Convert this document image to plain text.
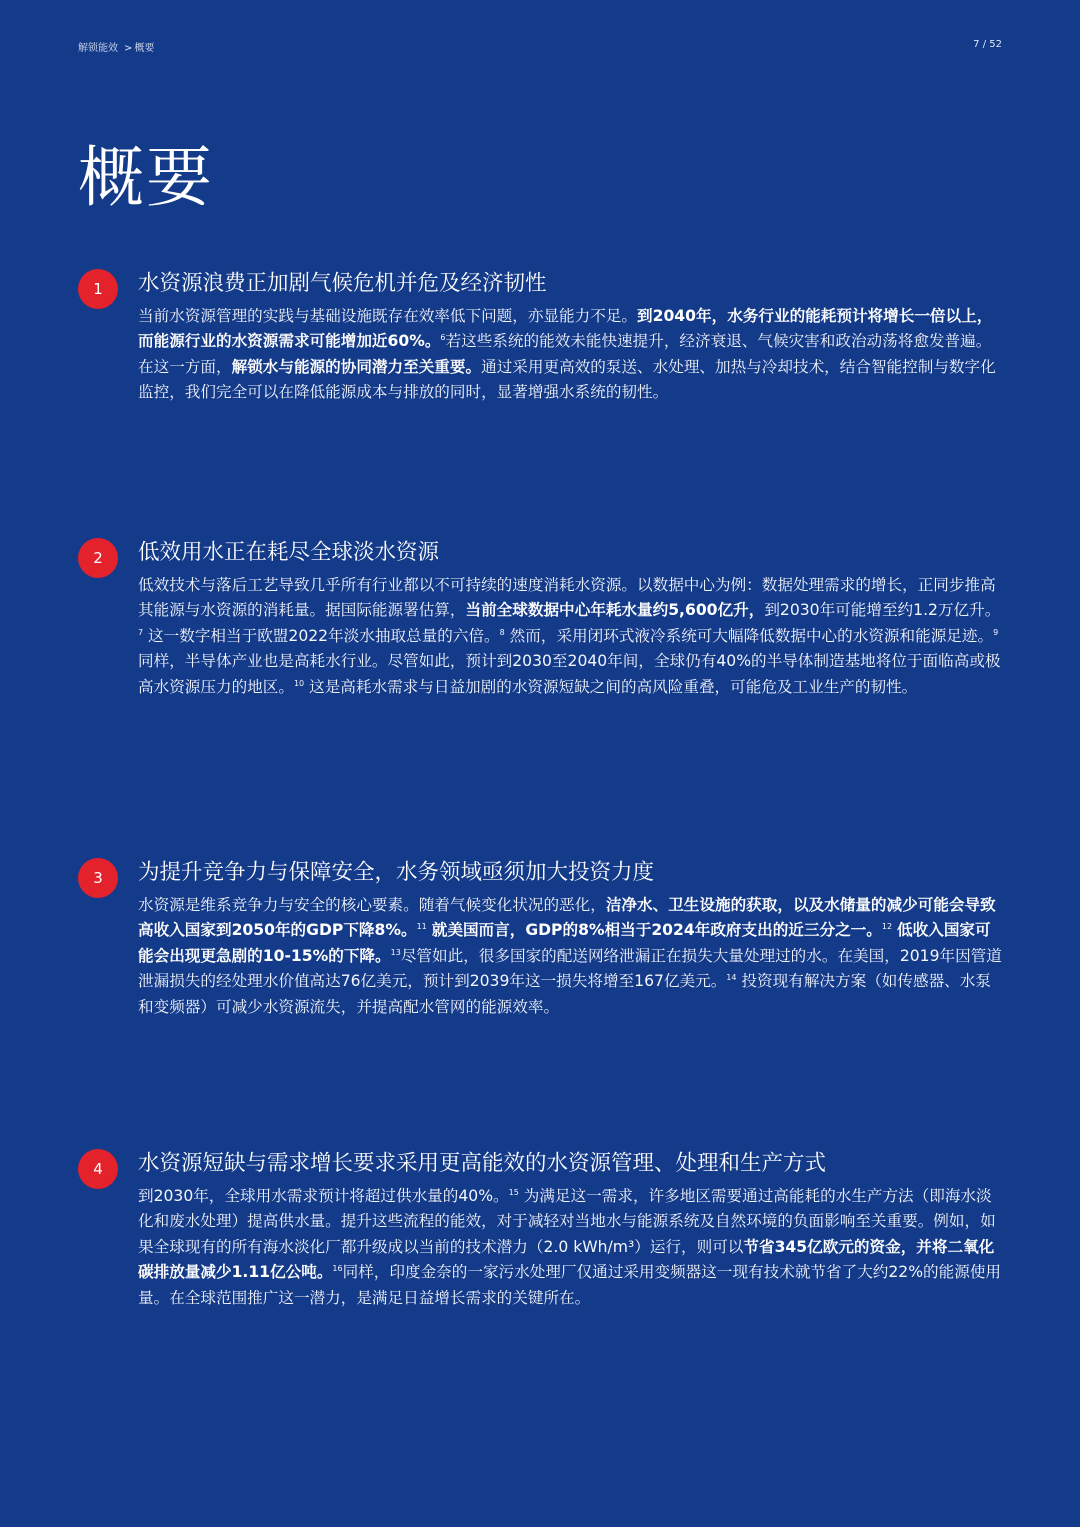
解锁能效 > 概要	7 / 52
概要
1	水资源浪费正加剧气候危机并危及经济韧性

当前水资源管理的实践与基础设施既存在效率低下问题，亦显能力不足。到2040年，水务行业的能耗预计将增长一倍以上，而能源行业的水资源需求可能增加近60%。$^6$若这些系统的能效未能快速提升，经济衰退、气候灾害和政治动荡将愈发普遍。在这一方面，解锁水与能源的协同潜力至关重要。通过采用更高效的泵送、水处理、加热与冷却技术，结合智能控制与数字化监控，我们完全可以在降低能源成本与排放的同时，显著增强水系统的韧性。

2	低效用水正在耗尽全球淡水资源

低效技术与落后工艺导致几乎所有行业都以不可持续的速度消耗水资源。以数据中心为例：数据处理需求的增长，正同步推高其能源与水资源的消耗量。据国际能源署估算，当前全球数据中心年耗水量约5,600亿升，到2030年可能增至约1.2万亿升。$^7$ 这一数字相当于欧盟2022年淡水抽取总量的六倍。$^8$ 然而，采用闭环式液冷系统可大幅降低数据中心的水资源和能源足迹。$^9$ 同样，半导体产业也是高耗水行业。尽管如此，预计到2030至2040年间，全球仍有40%的半导体制造基地将位于面临高或极高水资源压力的地区。$^{10}$ 这是高耗水需求与日益加剧的水资源短缺之间的高风险重叠，可能危及工业生产的韧性。

3	为提升竞争力与保障安全，水务领域亟须加大投资力度

水资源是维系竞争力与安全的核心要素。随着气候变化状况的恶化，洁净水、卫生设施的获取，以及水储量的减少可能会导致高收入国家到2050年的GDP下降8%。$^{11}$ 就美国而言，GDP的8%相当于2024年政府支出的近三分之一。$^{12}$ 低收入国家可能会出现更急剧的10-15%的下降。$^{13}$尽管如此，很多国家的配送网络泄漏正在损失大量处理过的水。在美国，2019年因管道泄漏损失的经处理水价值高达76亿美元，预计到2039年这一损失将增至167亿美元。$^{14}$ 投资现有解决方案（如传感器、水泵和变频器）可减少水资源流失，并提高配水管网的能源效率。

4	水资源短缺与需求增长要求采用更高能效的水资源管理、处理和生产方式

到2030年，全球用水需求预计将超过供水量的40%。$^{15}$ 为满足这一需求，许多地区需要通过高能耗的水生产方法（即海水淡化和废水处理）提高供水量。提升这些流程的能效，对于减轻对当地水与能源系统及自然环境的负面影响至关重要。例如，如果全球现有的所有海水淡化厂都升级成以当前的技术潜力（2.0 kWh/m³）运行，则可以节省345亿欧元的资金，并将二氧化碳排放量减少1.11亿公吨。$^{16}$同样，印度金奈的一家污水处理厂仅通过采用变频器这一现有技术就节省了大约22%的能源使用量。在全球范围推广这一潜力，是满足日益增长需求的关键所在。
